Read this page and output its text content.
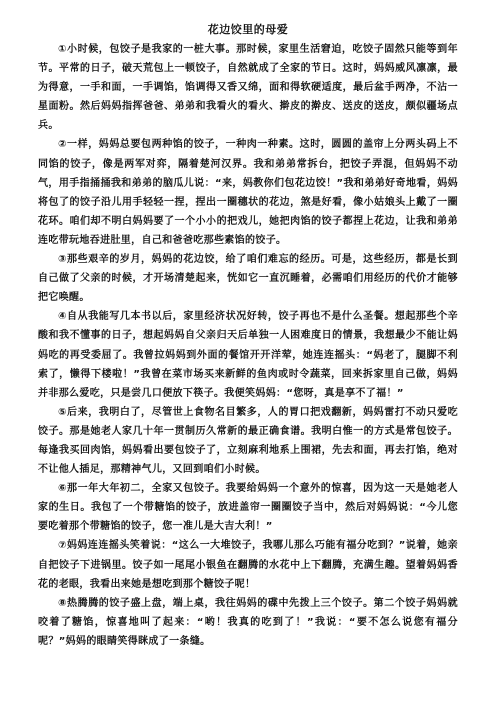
花边饺里的母爱

①小时候，包饺子是我家的一桩大事。那时候，家里生活窘迫，吃饺子固然只能等到年节。平常的日子，破天荒包上一顿饺子，自然就成了全家的节日。这时，妈妈威风凛凛，最为得意，一手和面，一手调馅，馅调得又香又绵，面和得软硬适度，最后盆手两净，不沾一星面粉。然后妈妈指挥爸爸、弟弟和我看火的看火、擀皮的擀皮、送皮的送皮，颇似疆场点兵。

②一样，妈妈总要包两种馅的饺子，一种肉一种素。这时，圆圆的盖帘上分两头码上不同馅的饺子，像是两军对弈，隔着楚河汉界。我和弟弟常拆台，把饺子弄混，但妈妈不动气，用手指捅捅我和弟弟的脑瓜儿说：“来，妈教你们包花边饺！”我和弟弟好奇地看，妈妈将包了的饺子沿儿用手轻轻一捏，捏出一圈穗状的花边，煞是好看，像小姑娘头上戴了一圈花环。咱们却不明白妈妈要了一个小小的把戏儿，她把肉馅的饺子都捏上花边，让我和弟弟连吃带玩地吞进肚里，自己和爸爸吃那些素馅的饺子。

③那些艰辛的岁月，妈妈的花边饺，给了咱们难忘的经历。可是，这些经历，都是长到自己做了父亲的时候，才开场清楚起来，恍如它一直沉睡着，必需咱们用经历的代价才能够把它唤醒。

④自从我能写几本书以后，家里经济状况好转，饺子再也不是什么圣餐。想起那些个辛酸和我不懂事的日子，想起妈妈自父亲归天后单独一人困难度日的情景，我想最少不能让妈妈吃的再受委屈了。我曾拉妈妈到外面的餐馆开开洋荤，她连连摇头：“妈老了，腿脚不利索了，懒得下楼啦！”我曾在菜市场买来新鲜的鱼肉或时令蔬菜，回来拆家里自己做，妈妈并非那么爱吃，只是尝几口便放下筷子。我便笑妈妈：“您呀，真是享不了福！”

⑤后来，我明白了，尽管世上食物名目繁多，人的胃口把戏翻新，妈妈雷打不动只爱吃饺子。那是她老人家几十年一贯制历久常新的最正确食谱。我明白惟一的方式是常包饺子。每逢我买回肉馅，妈妈看出要包饺子了，立刻麻利地系上围裙，先去和面，再去打馅，绝对不让他人插足，那精神气儿，又回到咱们小时候。

⑥那一年大年初二，全家又包饺子。我要给妈妈一个意外的惊喜，因为这一天是她老人家的生日。我包了一个带糖馅的饺子，放进盖帘一圈圈饺子当中，然后对妈妈说：“今儿您要吃着那个带糖馅的饺子，您一准儿是大吉大利！”

⑦妈妈连连摇头笑着说：“这么一大堆饺子，我哪儿那么巧能有福分吃到？”说着，她亲自把饺子下进锅里。饺子如一尾尾小银鱼在翻腾的水花中上下翻腾，充满生趣。望着妈妈香花的老眼，我看出来她是想吃到那个糖饺子呢！

⑧热腾腾的饺子盛上盘，端上桌，我往妈妈的碟中先拨上三个饺子。第二个饺子妈妈就咬着了糖馅，惊喜地叫了起来：“哟！我真的吃到了！”我说：“要不怎么说您有福分呢？”妈妈的眼睛笑得眯成了一条缝。
